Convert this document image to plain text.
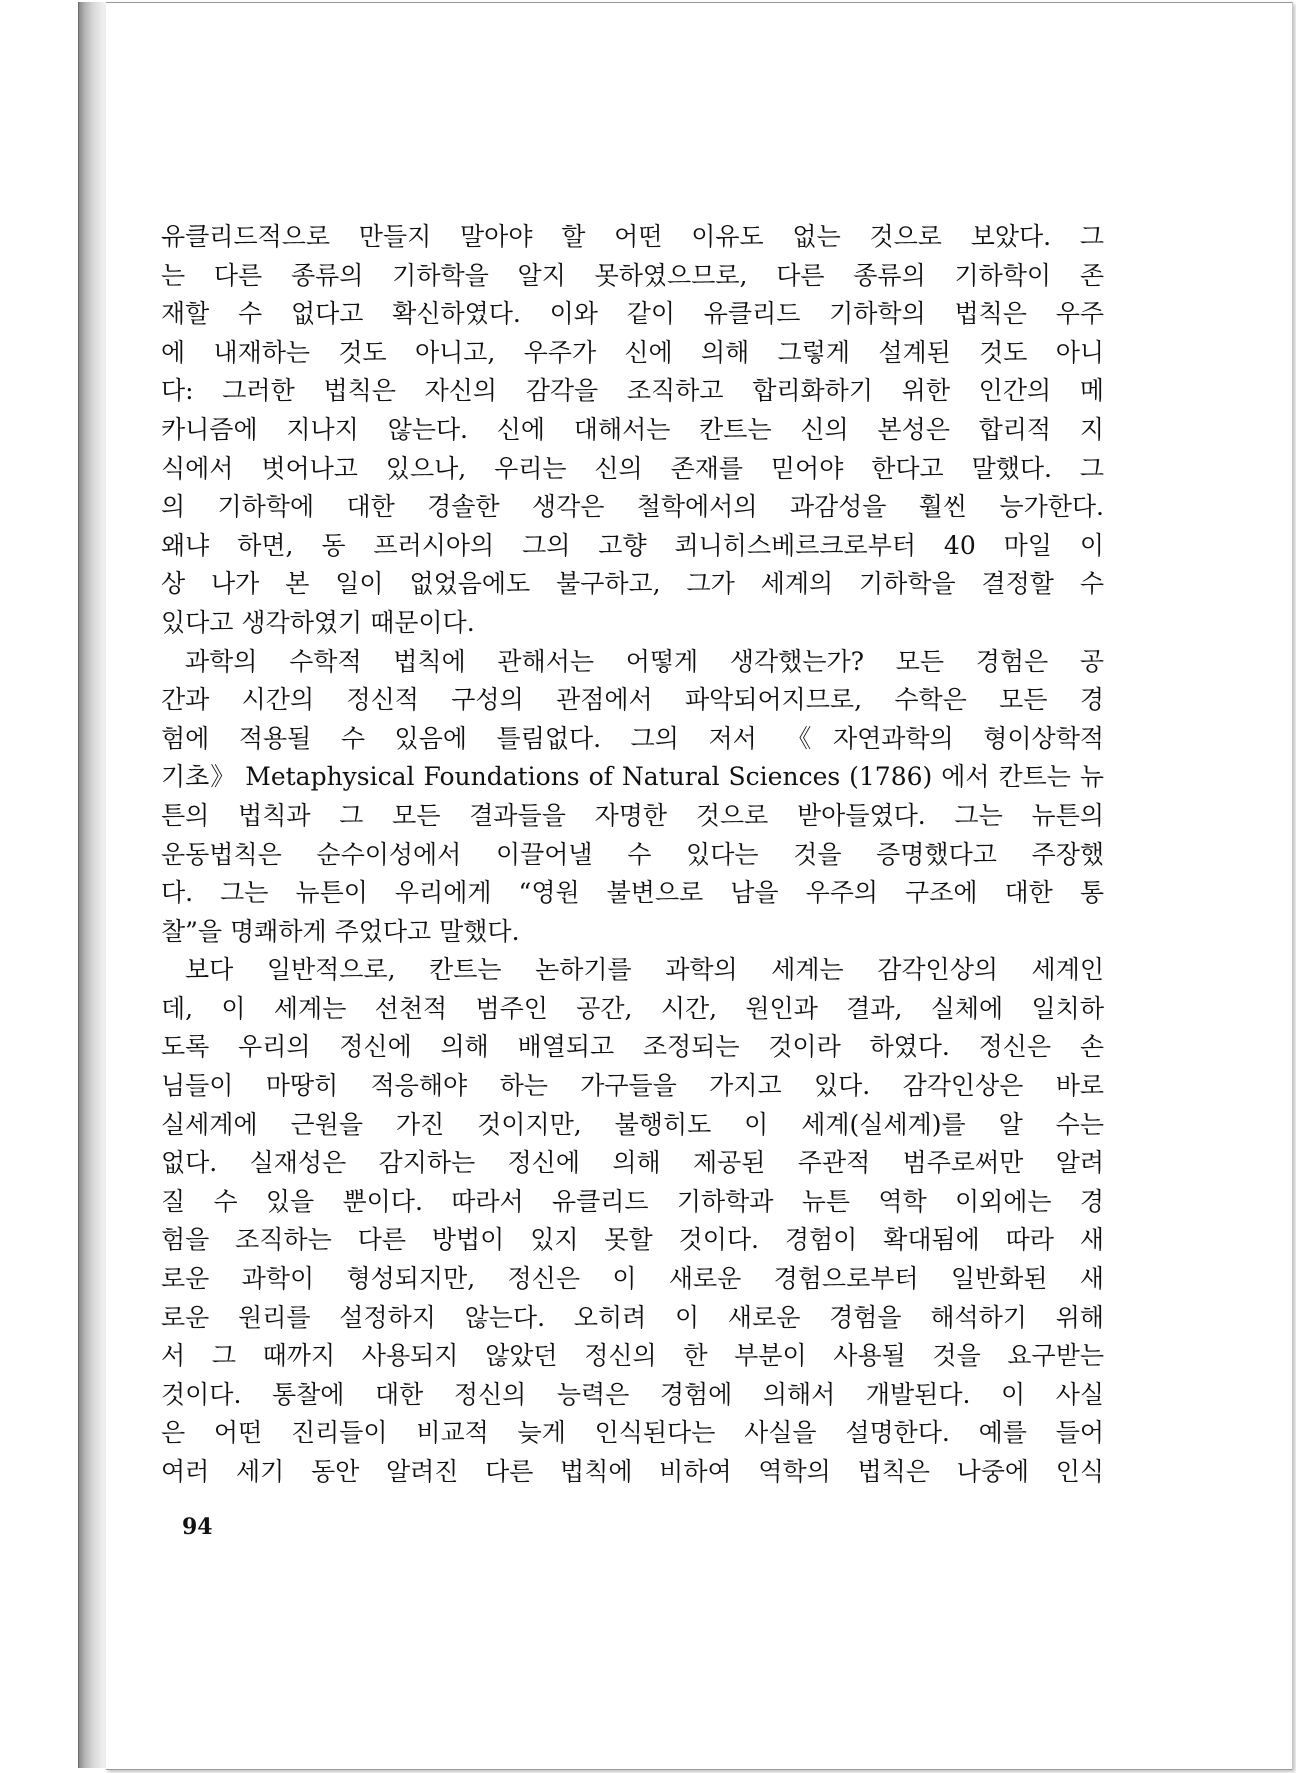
유클리드적으로 만들지 말아야 할 어떤 이유도 없는 것으로 보았다. 그
는 다른 종류의 기하학을 알지 못하였으므로, 다른 종류의 기하학이 존
재할 수 없다고 확신하였다. 이와 같이 유클리드 기하학의 법칙은 우주
에 내재하는 것도 아니고, 우주가 신에 의해 그렇게 설계된 것도 아니
다: 그러한 법칙은 자신의 감각을 조직하고 합리화하기 위한 인간의 메
카니즘에 지나지 않는다. 신에 대해서는 칸트는 신의 본성은 합리적 지
식에서 벗어나고 있으나, 우리는 신의 존재를 믿어야 한다고 말했다. 그
의 기하학에 대한 경솔한 생각은 철학에서의 과감성을 훨씬 능가한다.
왜냐 하면, 동 프러시아의 그의 고향 쾨니히스베르크로부터 40 마일 이
상 나가 본 일이 없었음에도 불구하고, 그가 세계의 기하학을 결정할 수
있다고 생각하였기 때문이다.
과학의 수학적 법칙에 관해서는 어떻게 생각했는가? 모든 경험은 공
간과 시간의 정신적 구성의 관점에서 파악되어지므로, 수학은 모든 경
험에 적용될 수 있음에 틀림없다. 그의 저서 《자연과학의 형이상학적
기초》 Metaphysical Foundations of Natural Sciences (1786) 에서 칸트는 뉴
튼의 법칙과 그 모든 결과들을 자명한 것으로 받아들였다. 그는 뉴튼의
운동법칙은 순수이성에서 이끌어낼 수 있다는 것을 증명했다고 주장했
다. 그는 뉴튼이 우리에게 “영원 불변으로 남을 우주의 구조에 대한 통
찰”을 명쾌하게 주었다고 말했다.
보다 일반적으로, 칸트는 논하기를 과학의 세계는 감각인상의 세계인
데, 이 세계는 선천적 범주인 공간, 시간, 원인과 결과, 실체에 일치하
도록 우리의 정신에 의해 배열되고 조정되는 것이라 하였다. 정신은 손
님들이 마땅히 적응해야 하는 가구들을 가지고 있다. 감각인상은 바로
실세계에 근원을 가진 것이지만, 불행히도 이 세계(실세계)를 알 수는
없다. 실재성은 감지하는 정신에 의해 제공된 주관적 범주로써만 알려
질 수 있을 뿐이다. 따라서 유클리드 기하학과 뉴튼 역학 이외에는 경
험을 조직하는 다른 방법이 있지 못할 것이다. 경험이 확대됨에 따라 새
로운 과학이 형성되지만, 정신은 이 새로운 경험으로부터 일반화된 새
로운 원리를 설정하지 않는다. 오히려 이 새로운 경험을 해석하기 위해
서 그 때까지 사용되지 않았던 정신의 한 부분이 사용될 것을 요구받는
것이다. 통찰에 대한 정신의 능력은 경험에 의해서 개발된다. 이 사실
은 어떤 진리들이 비교적 늦게 인식된다는 사실을 설명한다. 예를 들어
여러 세기 동안 알려진 다른 법칙에 비하여 역학의 법칙은 나중에 인식
94
